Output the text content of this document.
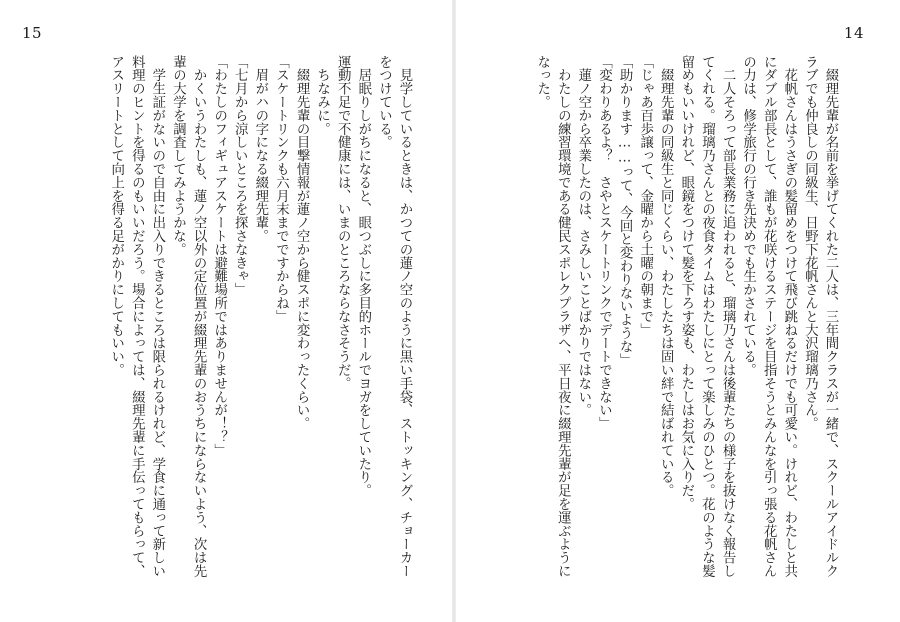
15
　見学しているときは、かつての蓮ノ空のように黒い手袋、ストッキング、チョーカー
をつけている。
　居眠りしがちになると、眼つぶしに多目的ホールでヨガをしていたり。
運動不足で不健康には、いまのところならなさそうだ。
　ちなみに。
　綴理先輩の目撃情報が蓮ノ空から健スポに変わったくらい。
「スケートリンクも六月末までですからね」
　眉がハの字になる綴理先輩。
「七月から涼しいところを探さなきゃ」
「わたしのフィギュアスケートは避難場所ではありませんが！？」
　かくいうわたしも、蓮ノ空以外の定位置が綴理先輩のおうちにならないよう、次は先
輩の大学を調査してみようかな。
　学生証がないので自由に出入りできるところは限られるけれど、学食に通って新しい
料理のヒントを得るのもいいだろう。場合によっては、綴理先輩に手伝ってもらって、
アスリートとして向上を得る足がかりにしてもいい。
14
　綴理先輩が名前を挙げてくれた二人は、三年間クラスが一緒で、スクールアイドルク
ラブでも仲良しの同級生、日野下花帆さんと大沢瑠璃乃さん。
　花帆さんはうさぎの髪留めをつけて飛び跳ねるだけでも可愛い。けれど、わたしと共
にダブル部長として、誰もが花咲けるステージを目指そうとみんなを引っ張る花帆さん
の力は、修学旅行の行き先決めでも生かされている。
　二人そろって部長業務に追われると、瑠璃乃さんは後輩たちの様子を抜けなく報告し
てくれる。瑠璃乃さんとの夜食タイムはわたしにとって楽しみのひとつ。花のような髪
留めもいいけれど、眼鏡をつけて髪を下ろす姿も、わたしはお気に入りだ。
　綴理先輩の同級生と同じくらい、わたしたちは固い絆で結ばれている。
「じゃあ百歩譲って、金曜から土曜の朝まで」
「助かります……って、今回と変わりないような」
「変わりあるよ？　さやとスケートリンクでデートできない」
　蓮ノ空から卒業したのは、さみしいことばかりではない。
　わたしの練習環境である健民スポレクプラザへ、平日夜に綴理先輩が足を運ぶように
なった。
